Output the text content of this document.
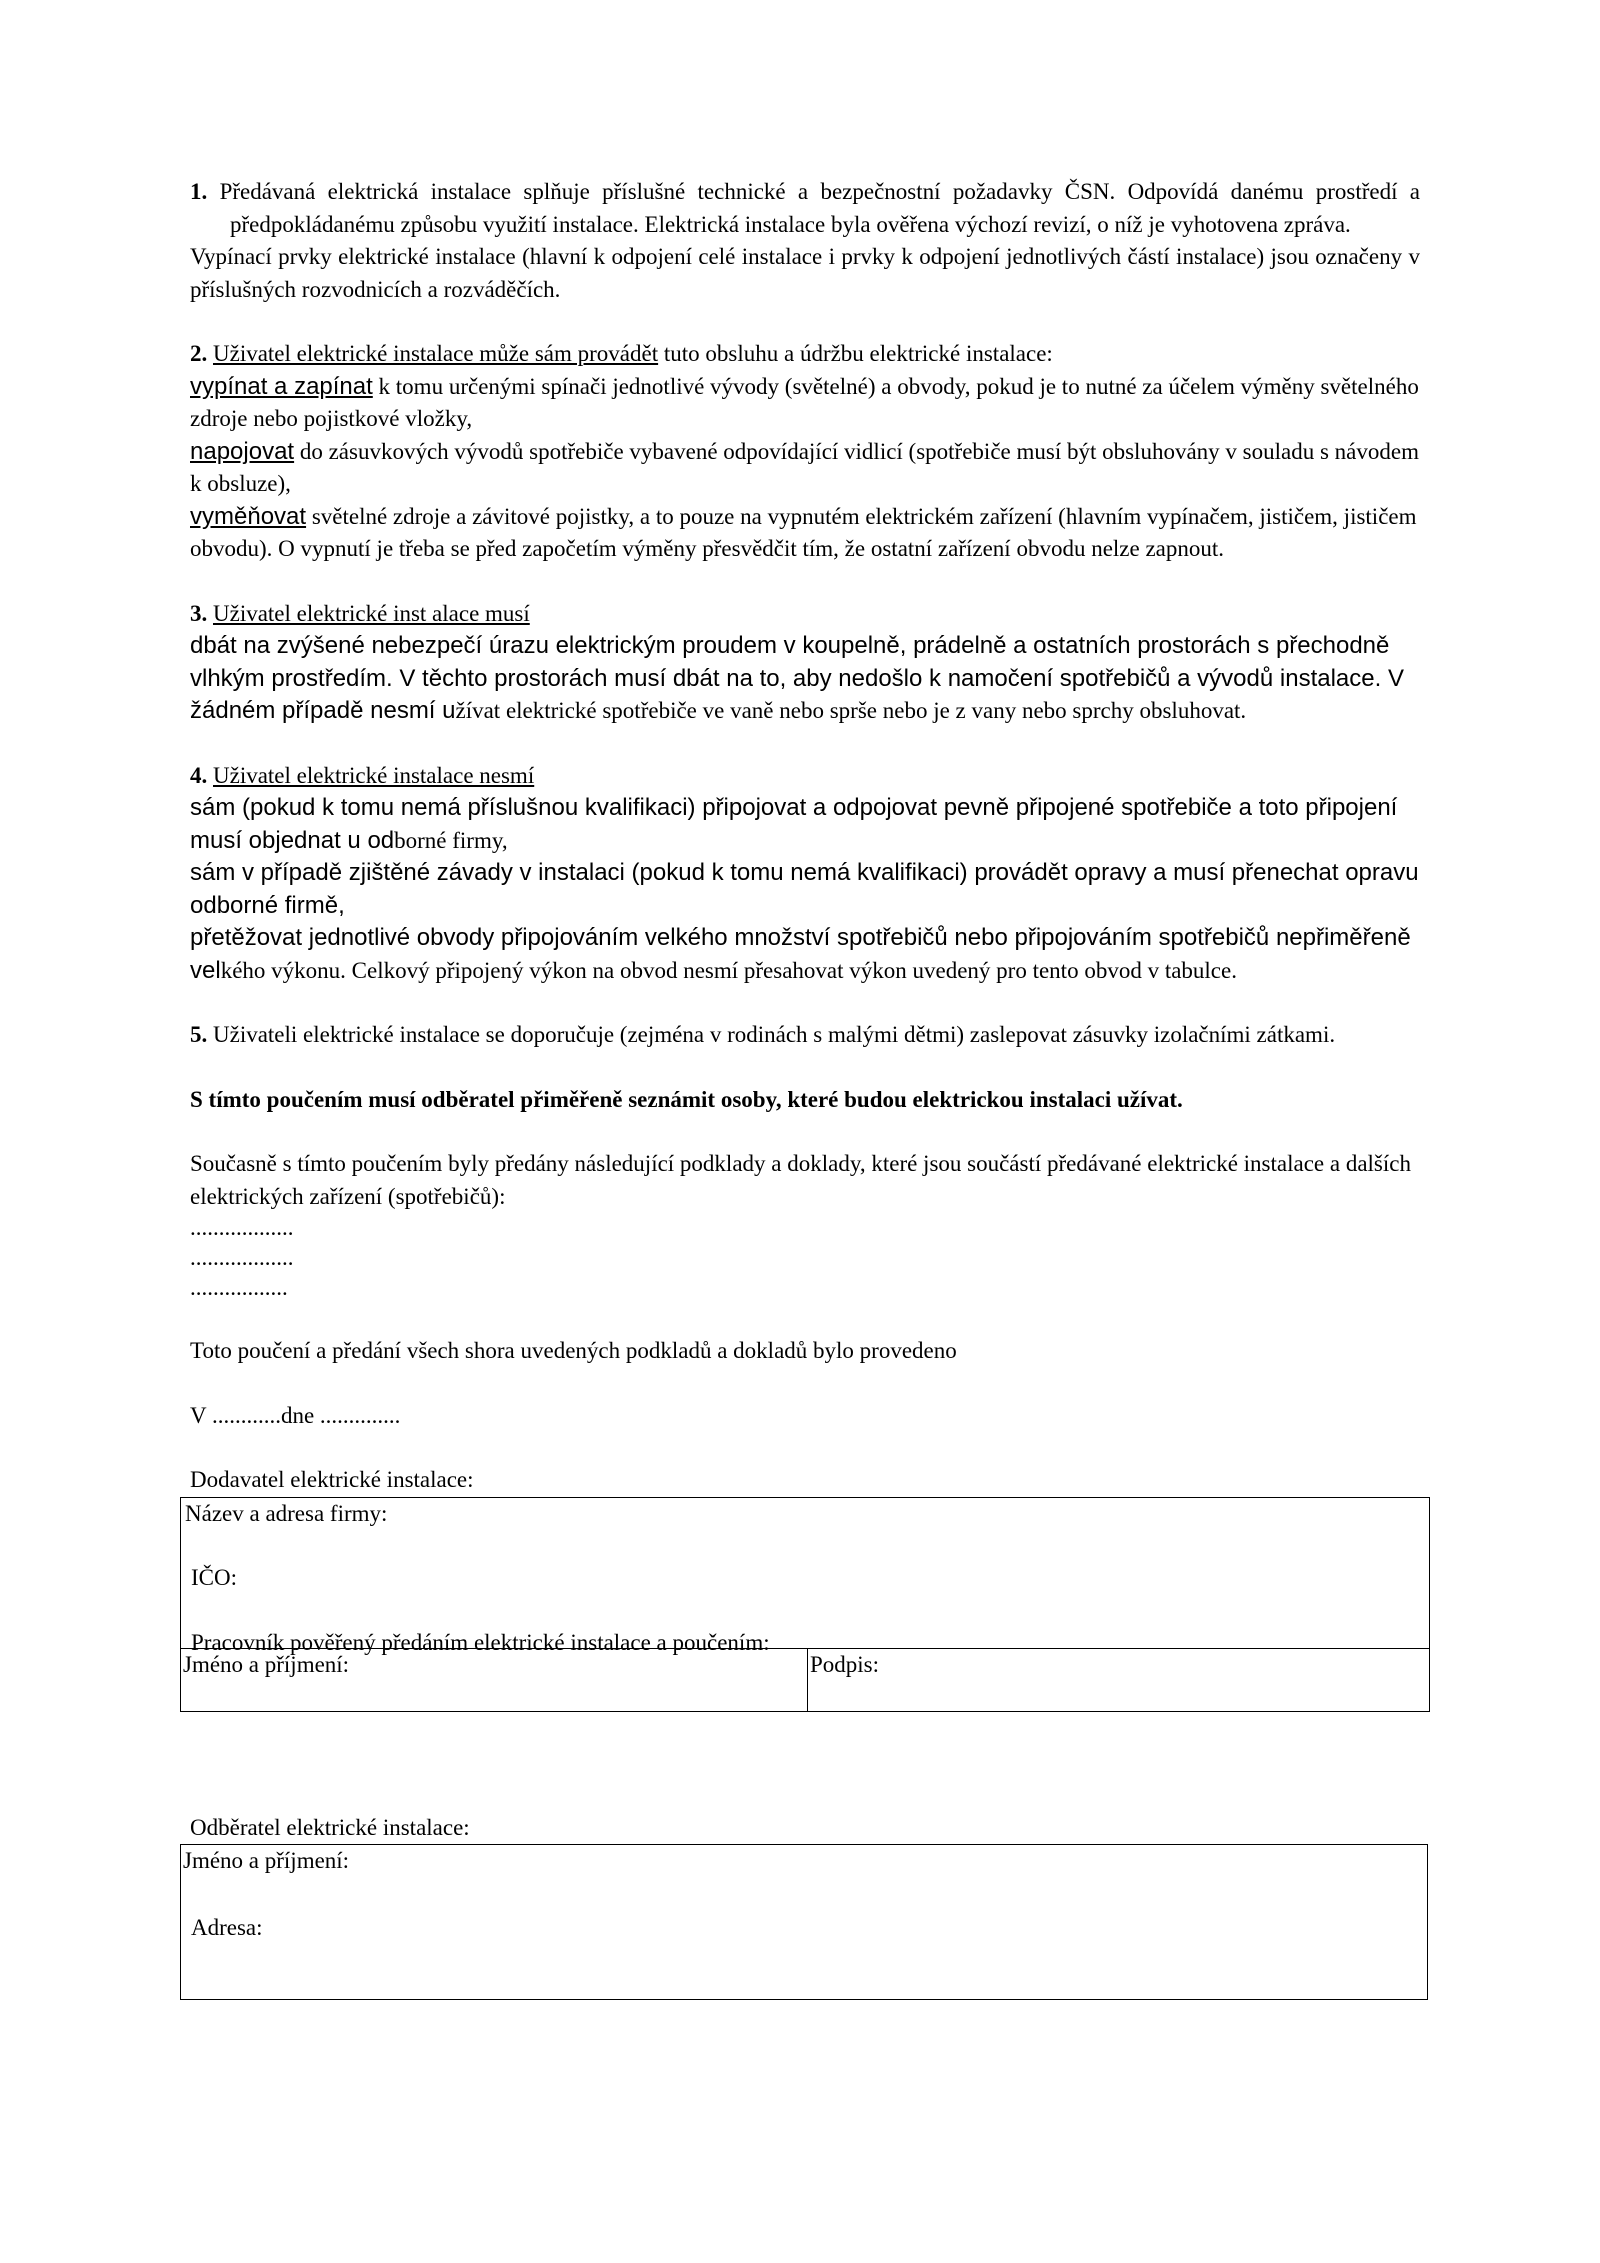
1. Předávaná elektrická instalace splňuje příslušné technické a bezpečnostní požadavky ČSN. Odpovídá danému prostředí a předpokládanému způsobu využití instalace. Elektrická instalace byla ověřena výchozí revizí, o níž je vyhotovena zpráva.

Vypínací prvky elektrické instalace (hlavní k odpojení celé instalace i prvky k odpojení jednotlivých částí instalace) jsou označeny v příslušných rozvodnicích a rozváděčích.

2. Uživatel elektrické instalace může sám provádět tuto obsluhu a údržbu elektrické instalace:

vypínat a zapínat k tomu určenými spínači jednotlivé vývody (světelné) a obvody, pokud je to nutné za účelem výměny světelného zdroje nebo pojistkové vložky,

napojovat do zásuvkových vývodů spotřebiče vybavené odpovídající vidlicí (spotřebiče musí být obsluhovány v souladu s návodem k obsluze),

vyměňovat světelné zdroje a závitové pojistky, a to pouze na vypnutém elektrickém zařízení (hlavním vypínačem, jističem, jističem obvodu). O vypnutí je třeba se před započetím výměny přesvědčit tím, že ostatní zařízení obvodu nelze zapnout.

3. Uživatel elektrické inst alace musí

dbát na zvýšené nebezpečí úrazu elektrickým proudem v koupelně, prádelně a ostatních prostorách s přechodně vlhkým prostředím. V těchto prostorách musí dbát na to, aby nedošlo k namočení spotřebičů a vývodů instalace. V žádném případě nesmí užívat elektrické spotřebiče ve vaně nebo sprše nebo je z vany nebo sprchy obsluhovat.

4. Uživatel elektrické instalace nesmí

sám (pokud k tomu nemá příslušnou kvalifikaci) připojovat a odpojovat pevně připojené spotřebiče a toto připojení musí objednat u odborné firmy,

sám v případě zjištěné závady v instalaci (pokud k tomu nemá kvalifikaci) provádět opravy a musí přenechat opravu odborné firmě,

přetěžovat jednotlivé obvody připojováním velkého množství spotřebičů nebo připojováním spotřebičů nepřiměřeně velkého výkonu. Celkový připojený výkon na obvod nesmí přesahovat výkon uvedený pro tento obvod v tabulce.

5. Uživateli elektrické instalace se doporučuje (zejména v rodinách s malými dětmi) zaslepovat zásuvky izolačními zátkami.

S tímto poučením musí odběratel přiměřeně seznámit osoby, které budou elektrickou instalaci užívat.

Současně s tímto poučením byly předány následující podklady a doklady, které jsou součástí předávané elektrické instalace a dalších elektrických zařízení (spotřebičů):

..................
..................
.................

Toto poučení a předání všech shora uvedených podkladů a dokladů bylo provedeno

V ............dne ..............

Dodavatel elektrické instalace:

Název a adresa firmy:

IČO:

Pracovník pověřený předáním elektrické instalace a poučením:

Jméno a příjmení:	Podpis:

Odběratel elektrické instalace:

Jméno a příjmení:

Adresa:
